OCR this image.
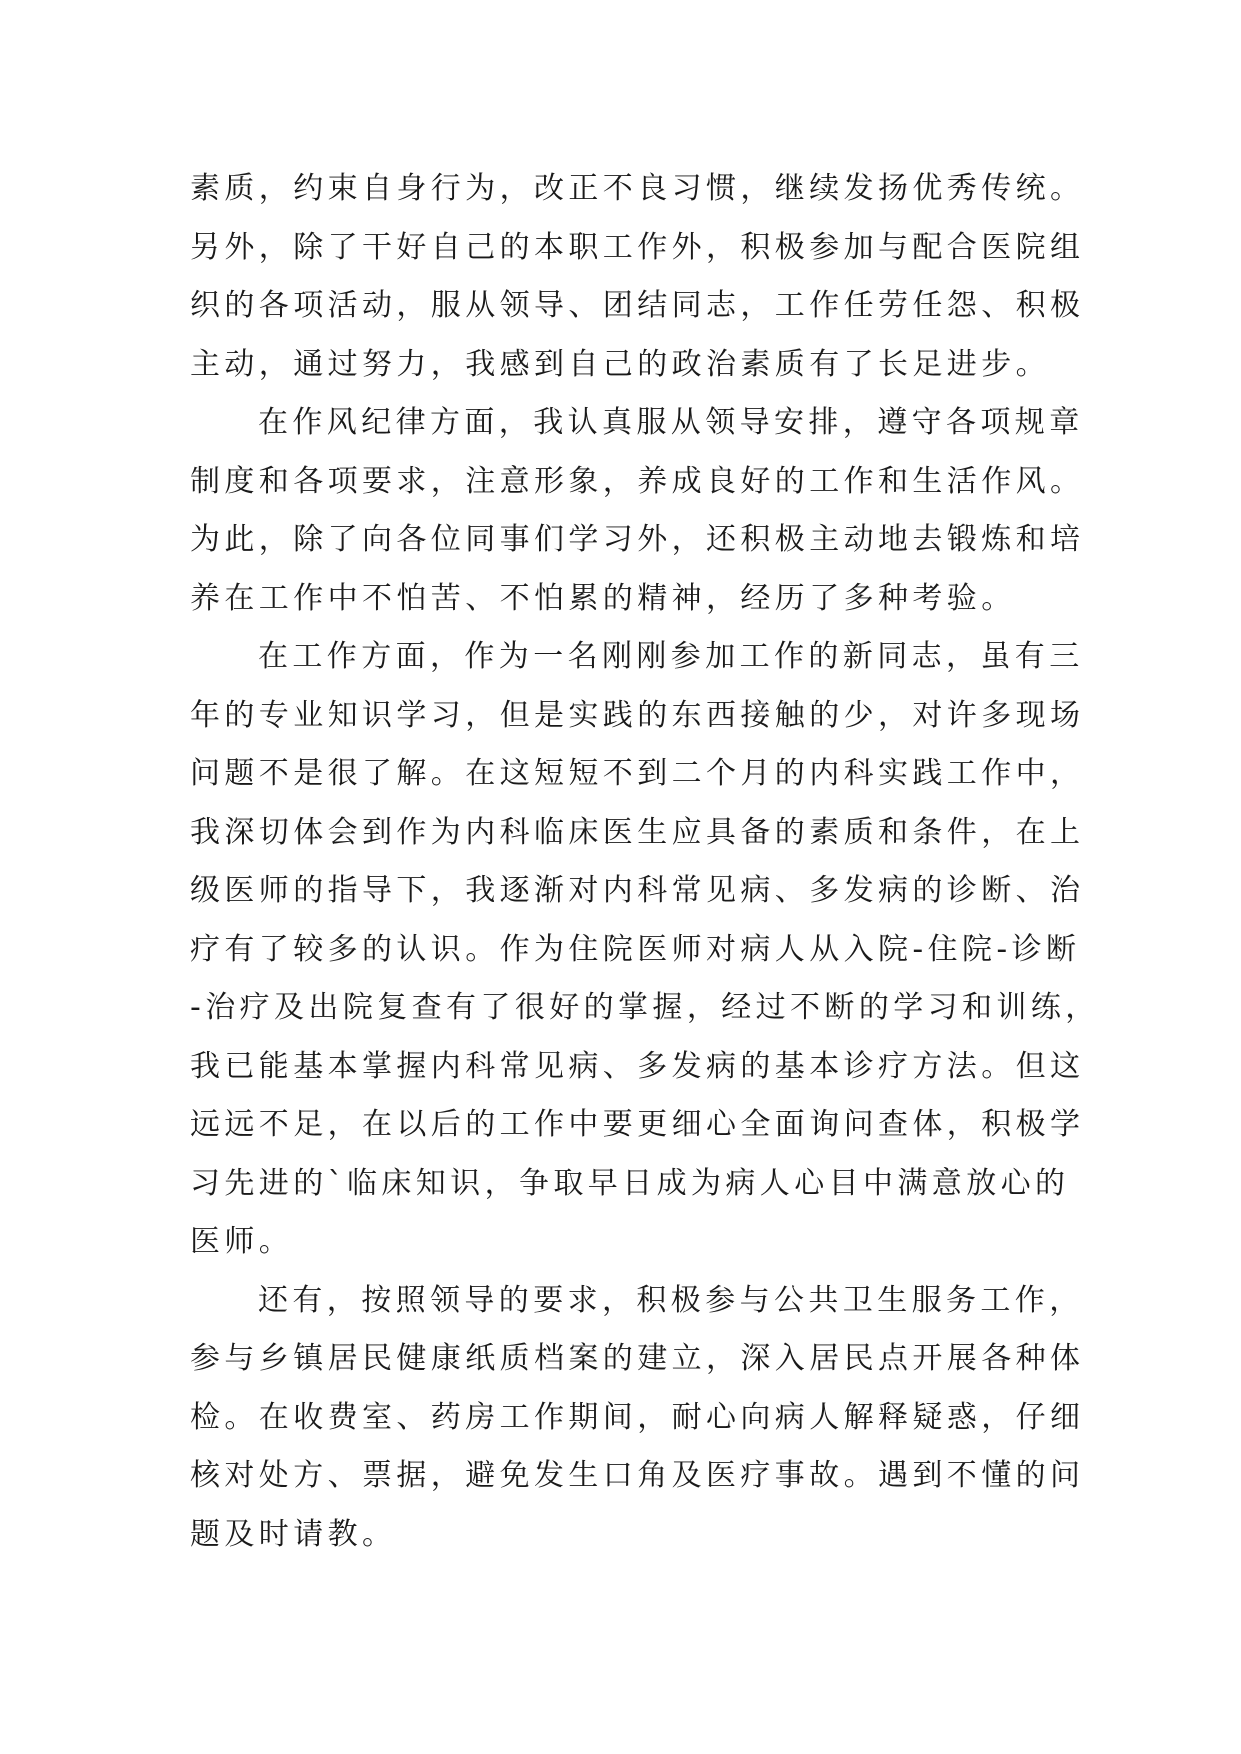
素质，约束自身行为，改正不良习惯，继续发扬优秀传统。
另外，除了干好自己的本职工作外，积极参加与配合医院组
织的各项活动，服从领导、团结同志，工作任劳任怨、积极
主动，通过努力，我感到自己的政治素质有了长足进步。
在作风纪律方面，我认真服从领导安排，遵守各项规章
制度和各项要求，注意形象，养成良好的工作和生活作风。
为此，除了向各位同事们学习外，还积极主动地去锻炼和培
养在工作中不怕苦、不怕累的精神，经历了多种考验。
在工作方面，作为一名刚刚参加工作的新同志，虽有三
年的专业知识学习，但是实践的东西接触的少，对许多现场
问题不是很了解。在这短短不到二个月的内科实践工作中，
我深切体会到作为内科临床医生应具备的素质和条件，在上
级医师的指导下，我逐渐对内科常见病、多发病的诊断、治
疗有了较多的认识。作为住院医师对病人从入院-住院-诊断
-治疗及出院复查有了很好的掌握，经过不断的学习和训练，
我已能基本掌握内科常见病、多发病的基本诊疗方法。但这
远远不足，在以后的工作中要更细心全面询问查体，积极学
习先进的`临床知识，争取早日成为病人心目中满意放心的
医师。
还有，按照领导的要求，积极参与公共卫生服务工作，
参与乡镇居民健康纸质档案的建立，深入居民点开展各种体
检。在收费室、药房工作期间，耐心向病人解释疑惑，仔细
核对处方、票据，避免发生口角及医疗事故。遇到不懂的问
题及时请教。
